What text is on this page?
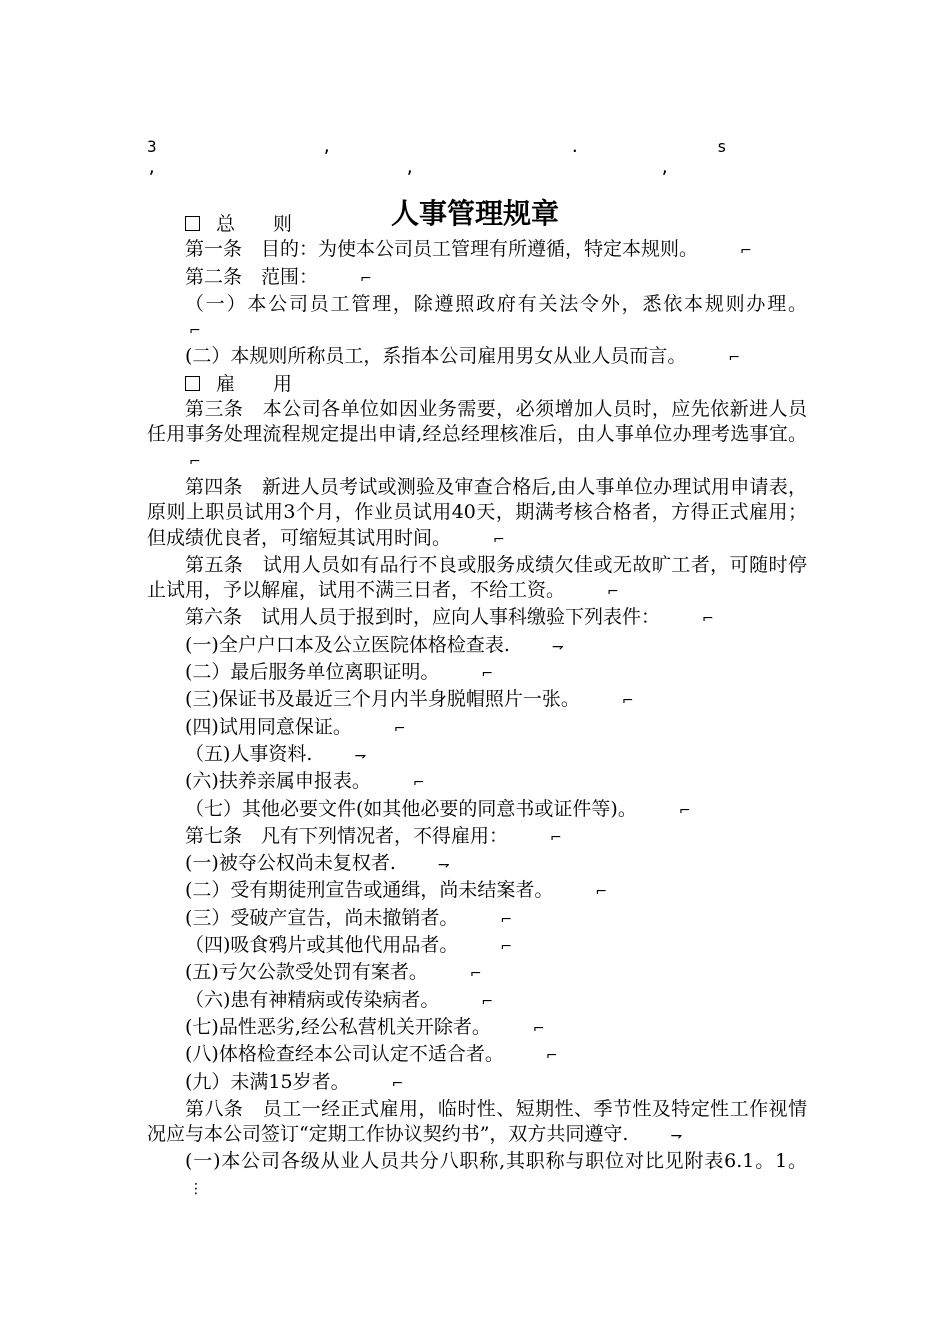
3	,	.	s
,	,	,
人事管理规章

总则

第一条　目的：为使本公司员工管理有所遵循，特定本规则。	⌐

第二条　范围：	⌐

（一）本公司员工管理，除遵照政府有关法令外，悉依本规则办理。⌐

(二）本规则所称员工，系指本公司雇用男女从业人员而言。	⌐

雇用

第三条　本公司各单位如因业务需要，必须增加人员时，应先依新进人员任用事务处理流程规定提出申请,经总经理核准后，由人事单位办理考选事宜。⌐

第四条　新进人员考试或测验及审查合格后,由人事单位办理试用申请表，原则上职员试用3个月，作业员试用40天，期满考核合格者，方得正式雇用；但成绩优良者，可缩短其试用时间。	⌐

第五条　试用人员如有品行不良或服务成绩欠佳或无故旷工者，可随时停止试用，予以解雇，试用不满三日者，不给工资。	⌐

第六条　试用人员于报到时，应向人事科缴验下列表件：	⌐

(一)全户户口本及公立医院体格检查表.	⇁

(二）最后服务单位离职证明。	⌐

(三)保证书及最近三个月内半身脱帽照片一张。	⌐

(四)试用同意保证。	⌐

（五)人事资料.	⇁

(六)扶养亲属申报表。	⌐

（七）其他必要文件(如其他必要的同意书或证件等)。	⌐

第七条　凡有下列情况者，不得雇用：	⌐

(一)被夺公权尚未复权者.	⇁

(二）受有期徒刑宣告或通缉，尚未结案者。	⌐

(三）受破产宣告，尚未撤销者。	⌐

（四)吸食鸦片或其他代用品者。	⌐

(五)亏欠公款受处罚有案者。	⌐

（六)患有神精病或传染病者。	⌐

(七)品性恶劣,经公私营机关开除者。	⌐

(八)体格检查经本公司认定不适合者。	⌐

(九）未满15岁者。	⌐

第八条　员工一经正式雇用，临时性、短期性、季节性及特定性工作视情况应与本公司签订“定期工作协议契约书”，双方共同遵守.	⇁

(一)本公司各级从业人员共分八职称,其职称与职位对比见附表6.1。1。⋮
